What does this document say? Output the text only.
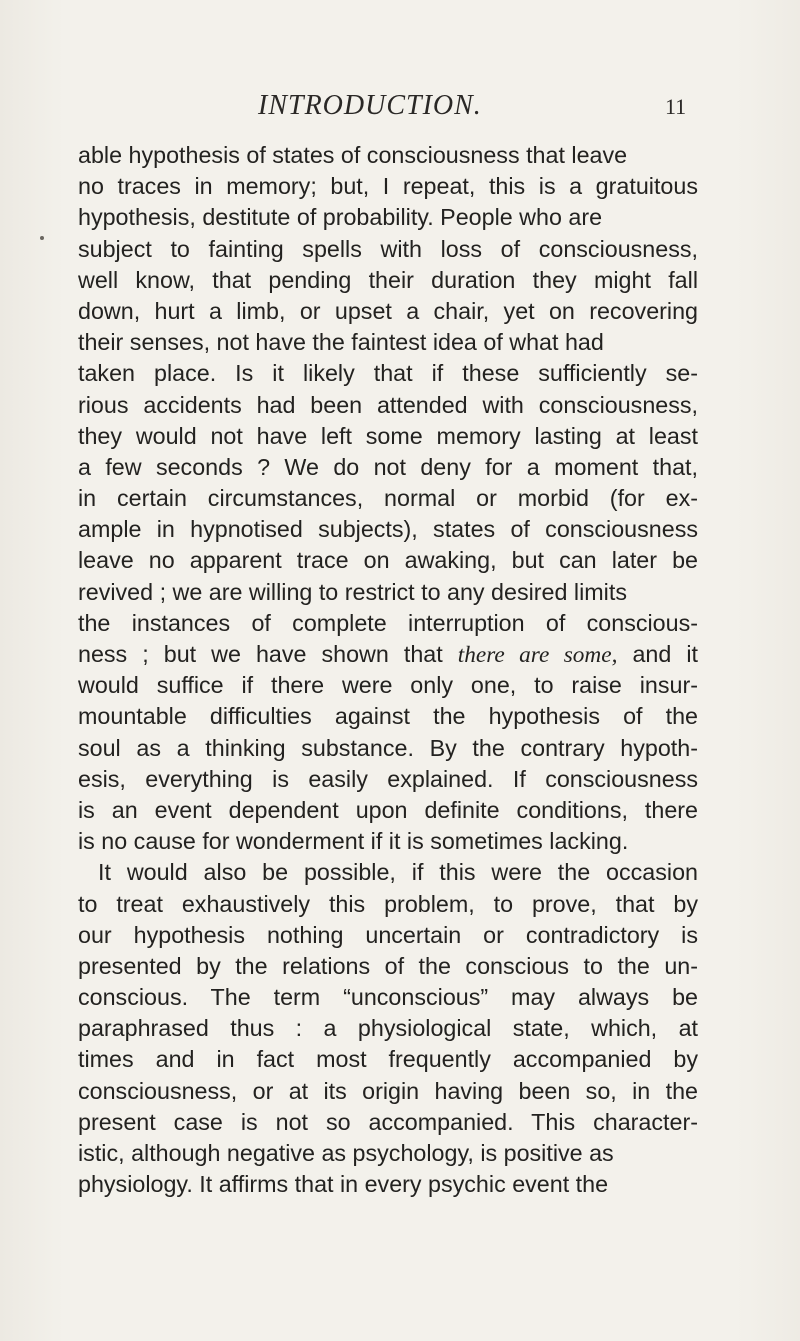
INTRODUCTION.	11
able hypothesis of states of consciousness that leave
no traces in memory; but, I repeat, this is a gratuitous
hypothesis, destitute of probability. People who are
subject to fainting spells with loss of consciousness,
well know, that pending their duration they might fall
down, hurt a limb, or upset a chair, yet on recovering
their senses, not have the faintest idea of what had
taken place. Is it likely that if these sufficiently se-
rious accidents had been attended with consciousness,
they would not have left some memory lasting at least
a few seconds ? We do not deny for a moment that,
in certain circumstances, normal or morbid (for ex-
ample in hypnotised subjects), states of consciousness
leave no apparent trace on awaking, but can later be
revived ; we are willing to restrict to any desired limits
the instances of complete interruption of conscious-
ness ; but we have shown that there are some, and it
would suffice if there were only one, to raise insur-
mountable difficulties against the hypothesis of the
soul as a thinking substance. By the contrary hypoth-
esis, everything is easily explained. If consciousness
is an event dependent upon definite conditions, there
is no cause for wonderment if it is sometimes lacking.
It would also be possible, if this were the occasion
to treat exhaustively this problem, to prove, that by
our hypothesis nothing uncertain or contradictory is
presented by the relations of the conscious to the un-
conscious. The term “unconscious” may always be
paraphrased thus : a physiological state, which, at
times and in fact most frequently accompanied by
consciousness, or at its origin having been so, in the
present case is not so accompanied. This character-
istic, although negative as psychology, is positive as
physiology. It affirms that in every psychic event the
